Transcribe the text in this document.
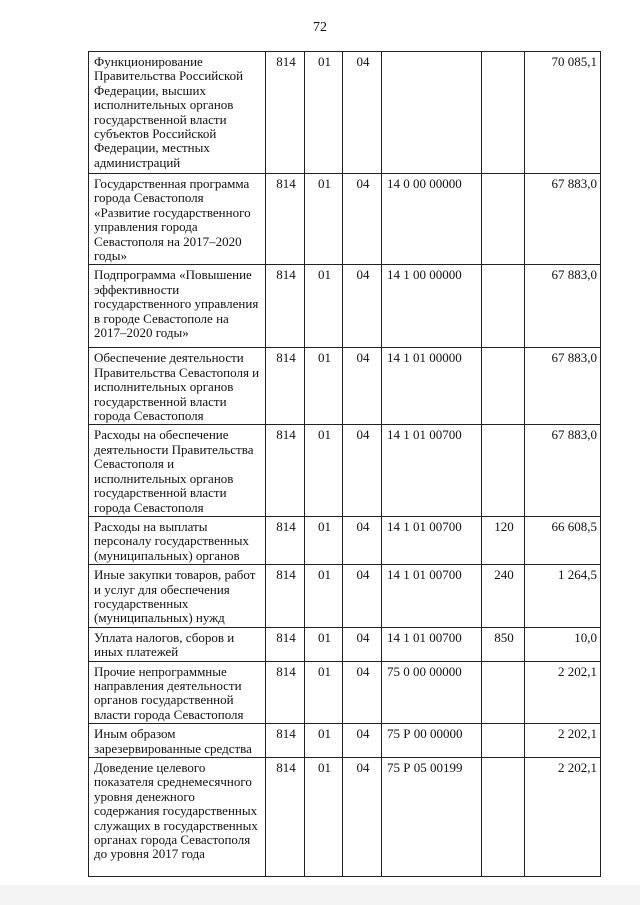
72
Функционирование Правительства Российской Федерации, высших исполнительных органов государственной власти субъектов Российской Федерации, местных администраций	814	01	04			70 085,1
Государственная программа города Севастополя «Развитие государственного управления города Севастополя на 2017–2020 годы»	814	01	04	14 0 00 00000		67 883,0
Подпрограмма «Повышение эффективности государственного управления в городе Севастополе на 2017–2020 годы»	814	01	04	14 1 00 00000		67 883,0
Обеспечение деятельности Правительства Севастополя и исполнительных органов государственной власти города Севастополя	814	01	04	14 1 01 00000		67 883,0
Расходы на обеспечение деятельности Правительства Севастополя и исполнительных органов государственной власти города Севастополя	814	01	04	14 1 01 00700		67 883,0
Расходы на выплаты персоналу государственных (муниципальных) органов	814	01	04	14 1 01 00700	120	66 608,5
Иные закупки товаров, работ и услуг для обеспечения государственных (муниципальных) нужд	814	01	04	14 1 01 00700	240	1 264,5
Уплата налогов, сборов и иных платежей	814	01	04	14 1 01 00700	850	10,0
Прочие непрограммные направления деятельности органов государственной власти города Севастополя	814	01	04	75 0 00 00000		2 202,1
Иным образом зарезервированные средства	814	01	04	75 Р 00 00000		2 202,1
Доведение целевого показателя среднемесячного уровня денежного содержания государственных служащих в государственных органах города Севастополя до уровня 2017 года	814	01	04	75 Р 05 00199		2 202,1
